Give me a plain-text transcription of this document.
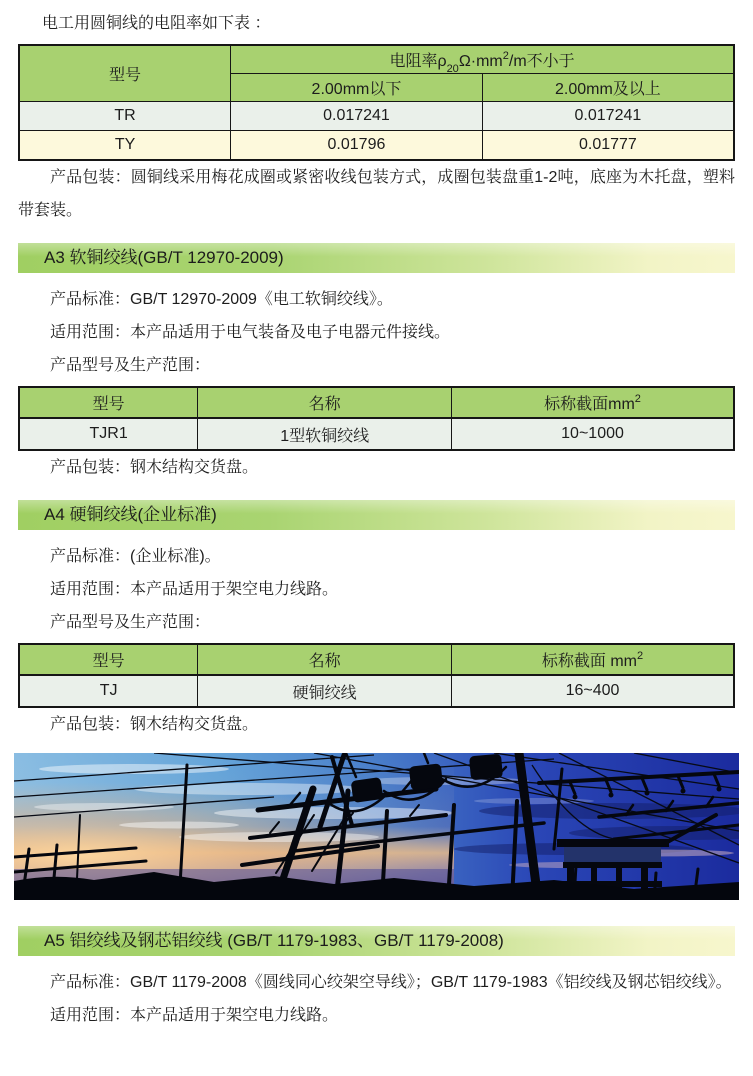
电工用圆铜线的电阻率如下表 ：

型号	电阻率$\rho_{20}\Omega\cdot mm^2/m$不小于	
	2.00mm以下	2.00mm及以上
TR	0.017241	0.017241
TY	0.01796	0.01777

产品包装：圆铜线采用梅花成圈或紧密收线包装方式，成圈包装盘重1-2吨，底座为木托盘，塑料带套装。

A3 软铜绞线(GB/T 12970-2009)

产品标准：GB/T 12970-2009《电工软铜绞线》。

适用范围：本产品适用于电气装备及电子电器元件接线。

产品型号及生产范围：

型号	名称	标称截面$mm^2$
TJR1	1型软铜绞线	10~1000

产品包装：钢木结构交货盘。

A4 硬铜绞线(企业标准)

产品标准：(企业标准)。

适用范围：本产品适用于架空电力线路。

产品型号及生产范围：

型号	名称	标称截面 $mm^2$
TJ	硬铜绞线	16~400

产品包装：钢木结构交货盘。

A5 铝绞线及钢芯铝绞线 (GB/T 1179-1983、GB/T 1179-2008)

产品标准：GB/T 1179-2008《圆线同心绞架空导线》；GB/T 1179-1983《铝绞线及钢芯铝绞线》。

适用范围：本产品适用于架空电力线路。
